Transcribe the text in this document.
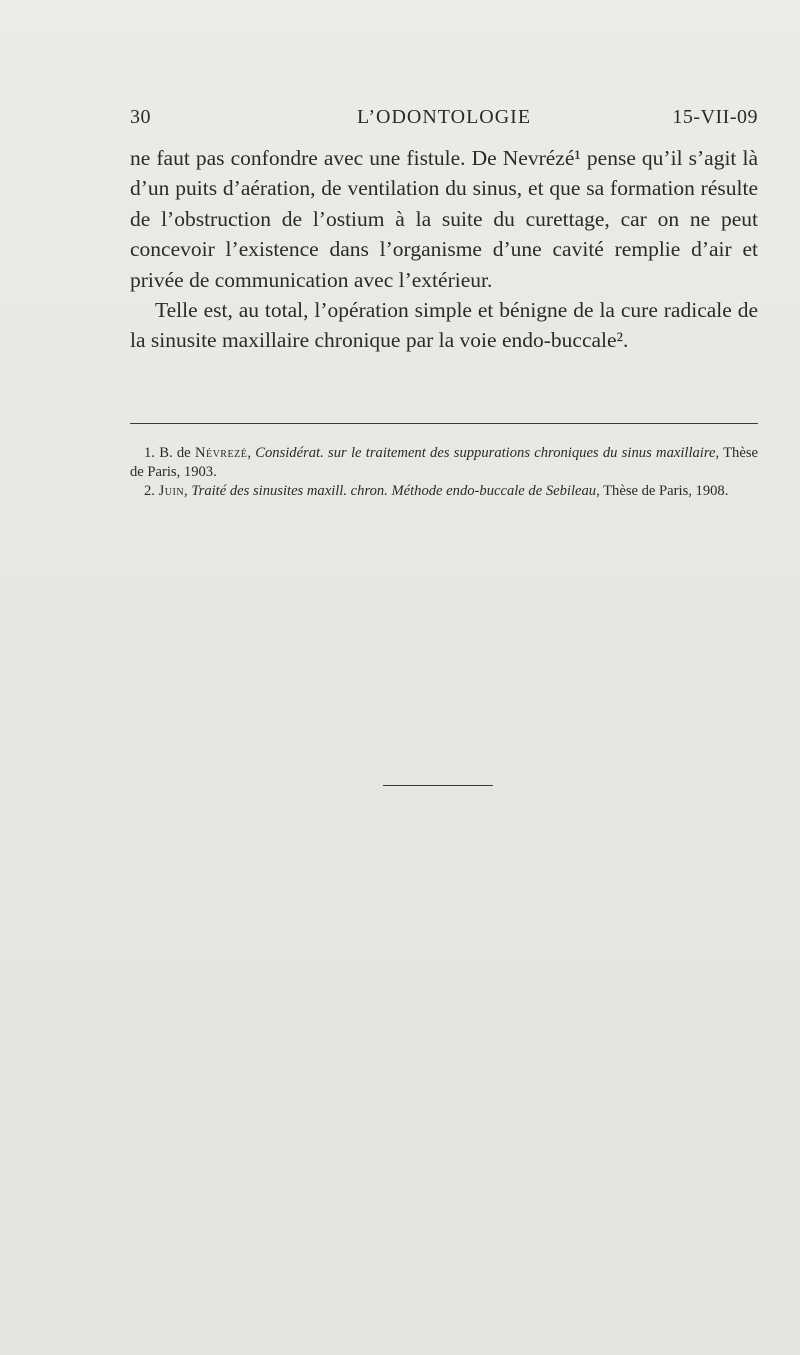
30	L’ODONTOLOGIE	15-VII-09

ne faut pas confondre avec une fistule. De Nevrézé¹ pense qu’il s’agit là d’un puits d’aération, de ventilation du sinus, et que sa formation résulte de l’obstruction de l’ostium à la suite du curettage, car on ne peut concevoir l’existence dans l’organisme d’une cavité remplie d’air et privée de communication avec l’extérieur.

Telle est, au total, l’opération simple et bénigne de la cure radicale de la sinusite maxillaire chronique par la voie endo-buccale².

1. B. de Névrezé, Considérat. sur le traitement des suppurations chroniques du sinus maxillaire, Thèse de Paris, 1903.

2. Juin, Traité des sinusites maxill. chron. Méthode endo-buccale de Sebileau, Thèse de Paris, 1908.
